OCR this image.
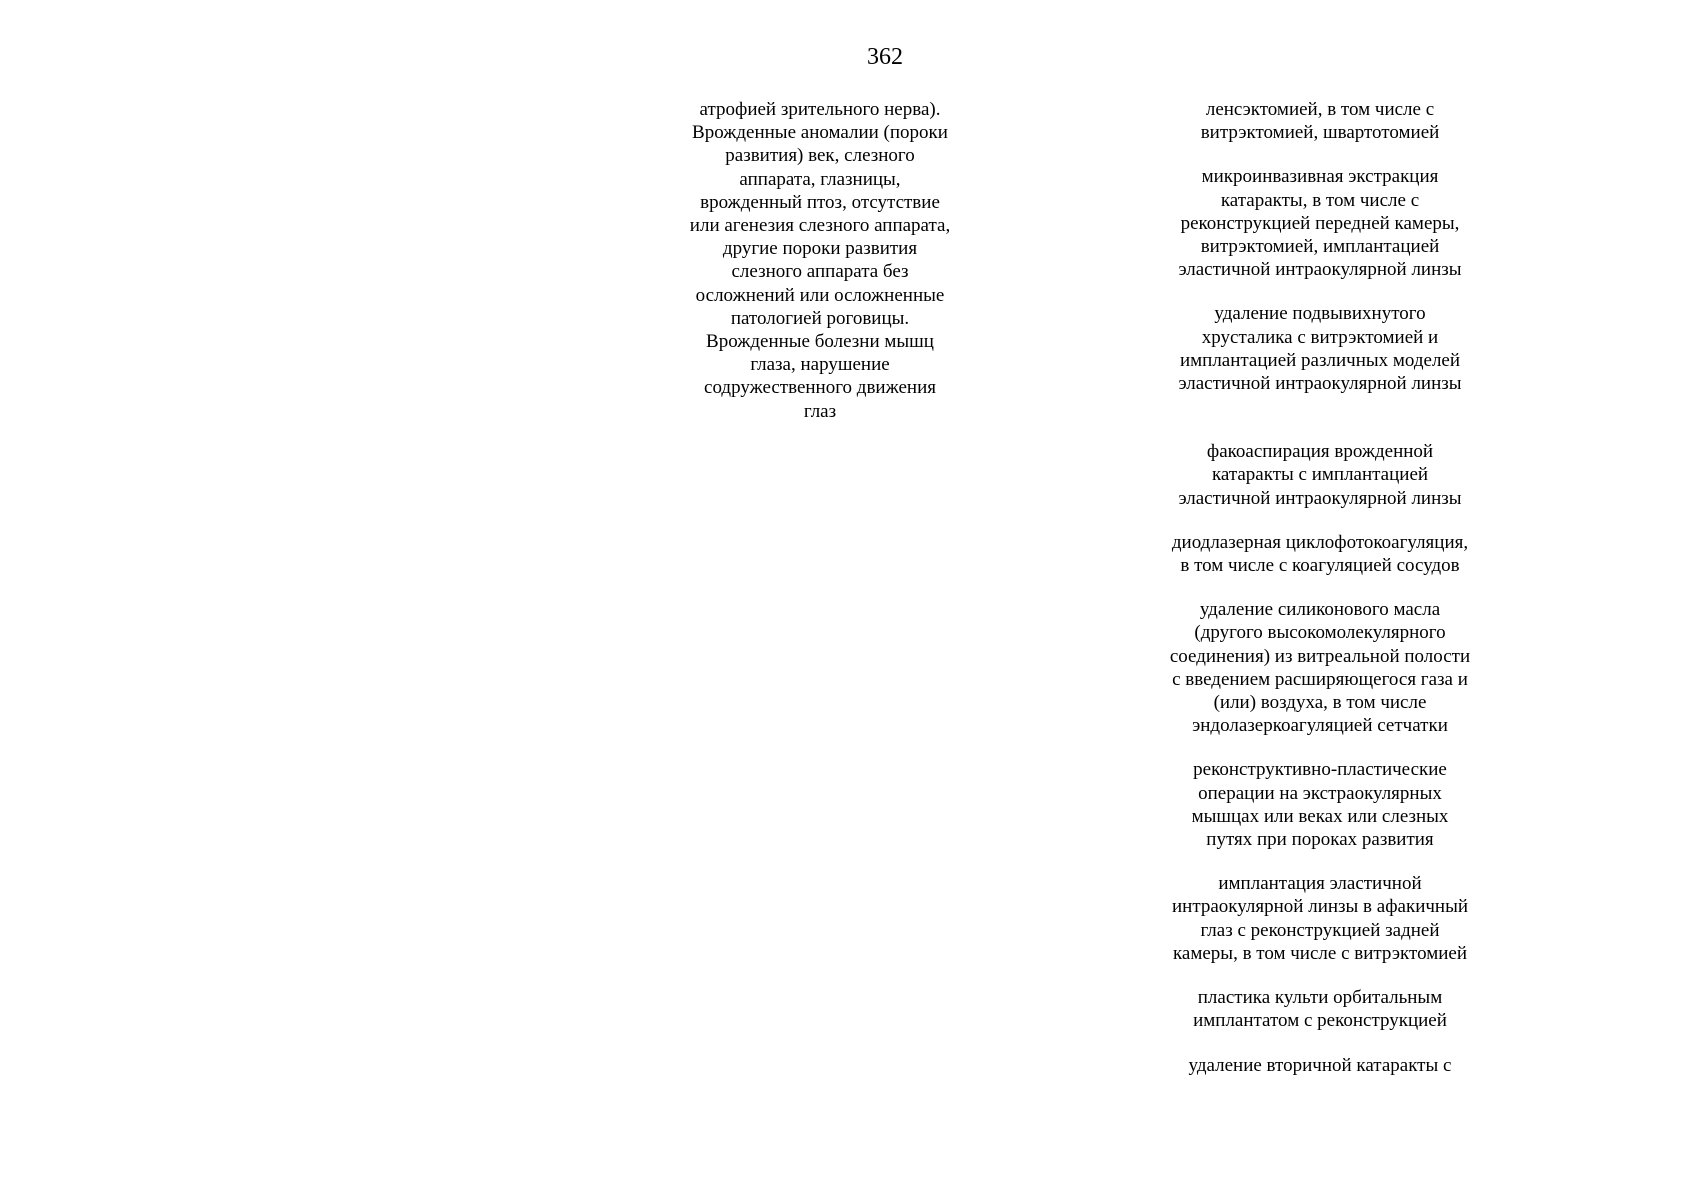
362
атрофией зрительного нерва).
Врожденные аномалии (пороки
развития) век, слезного
аппарата, глазницы,
врожденный птоз, отсутствие
или агенезия слезного аппарата,
другие пороки развития
слезного аппарата без
осложнений или осложненные
патологией роговицы.
Врожденные болезни мышц
глаза, нарушение
содружественного движения
глаз
ленсэктомией, в том числе с
витрэктомией, швартотомией
микроинвазивная экстракция
катаракты, в том числе с
реконструкцией передней камеры,
витрэктомией, имплантацией
эластичной интраокулярной линзы
удаление подвывихнутого
хрусталика с витрэктомией и
имплантацией различных моделей
эластичной интраокулярной линзы
факоаспирация врожденной
катаракты с имплантацией
эластичной интраокулярной линзы
диодлазерная циклофотокоагуляция,
в том числе с коагуляцией сосудов
удаление силиконового масла
(другого высокомолекулярного
соединения) из витреальной полости
с введением расширяющегося газа и
(или) воздуха, в том числе
эндолазеркоагуляцией сетчатки
реконструктивно-пластические
операции на экстраокулярных
мышцах или веках или слезных
путях при пороках развития
имплантация эластичной
интраокулярной линзы в афакичный
глаз с реконструкцией задней
камеры, в том числе с витрэктомией
пластика культи орбитальным
имплантатом с реконструкцией
удаление вторичной катаракты с
